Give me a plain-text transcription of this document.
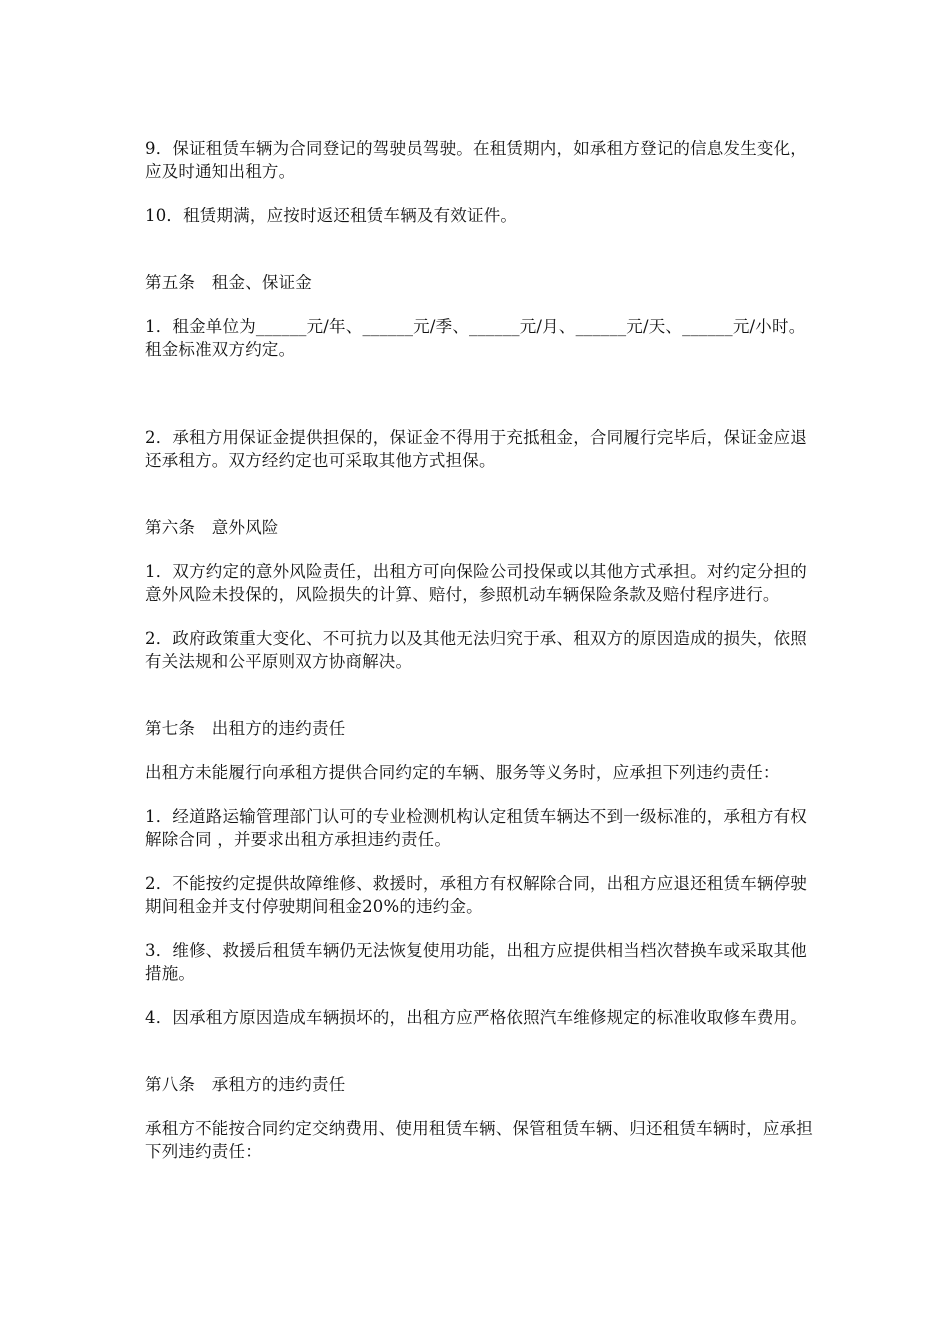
9．保证租赁车辆为合同登记的驾驶员驾驶。在租赁期内，如承租方登记的信息发生变化，应及时通知出租方。

10．租赁期满，应按时返还租赁车辆及有效证件。

第五条　租金、保证金

1．租金单位为______元/年、______元/季、______元/月、______元/天、______元/小时。租金标准双方约定。

2．承租方用保证金提供担保的，保证金不得用于充抵租金，合同履行完毕后，保证金应退还承租方。双方经约定也可采取其他方式担保。

第六条　意外风险

1．双方约定的意外风险责任，出租方可向保险公司投保或以其他方式承担。对约定分担的意外风险未投保的，风险损失的计算、赔付，参照机动车辆保险条款及赔付程序进行。

2．政府政策重大变化、不可抗力以及其他无法归究于承、租双方的原因造成的损失，依照有关法规和公平原则双方协商解决。

第七条　出租方的违约责任

出租方未能履行向承租方提供合同约定的车辆、服务等义务时，应承担下列违约责任：

1．经道路运输管理部门认可的专业检测机构认定租赁车辆达不到一级标准的，承租方有权 解除合同 ，并要求出租方承担违约责任。

2．不能按约定提供故障维修、救援时，承租方有权解除合同，出租方应退还租赁车辆停驶期间租金并支付停驶期间租金20%的违约金。

3．维修、救援后租赁车辆仍无法恢复使用功能，出租方应提供相当档次替换车或采取其他措施。

4．因承租方原因造成车辆损坏的，出租方应严格依照汽车维修规定的标准收取修车费用。

第八条　承租方的违约责任

承租方不能按合同约定交纳费用、使用租赁车辆、保管租赁车辆、归还租赁车辆时，应承担下列违约责任：
